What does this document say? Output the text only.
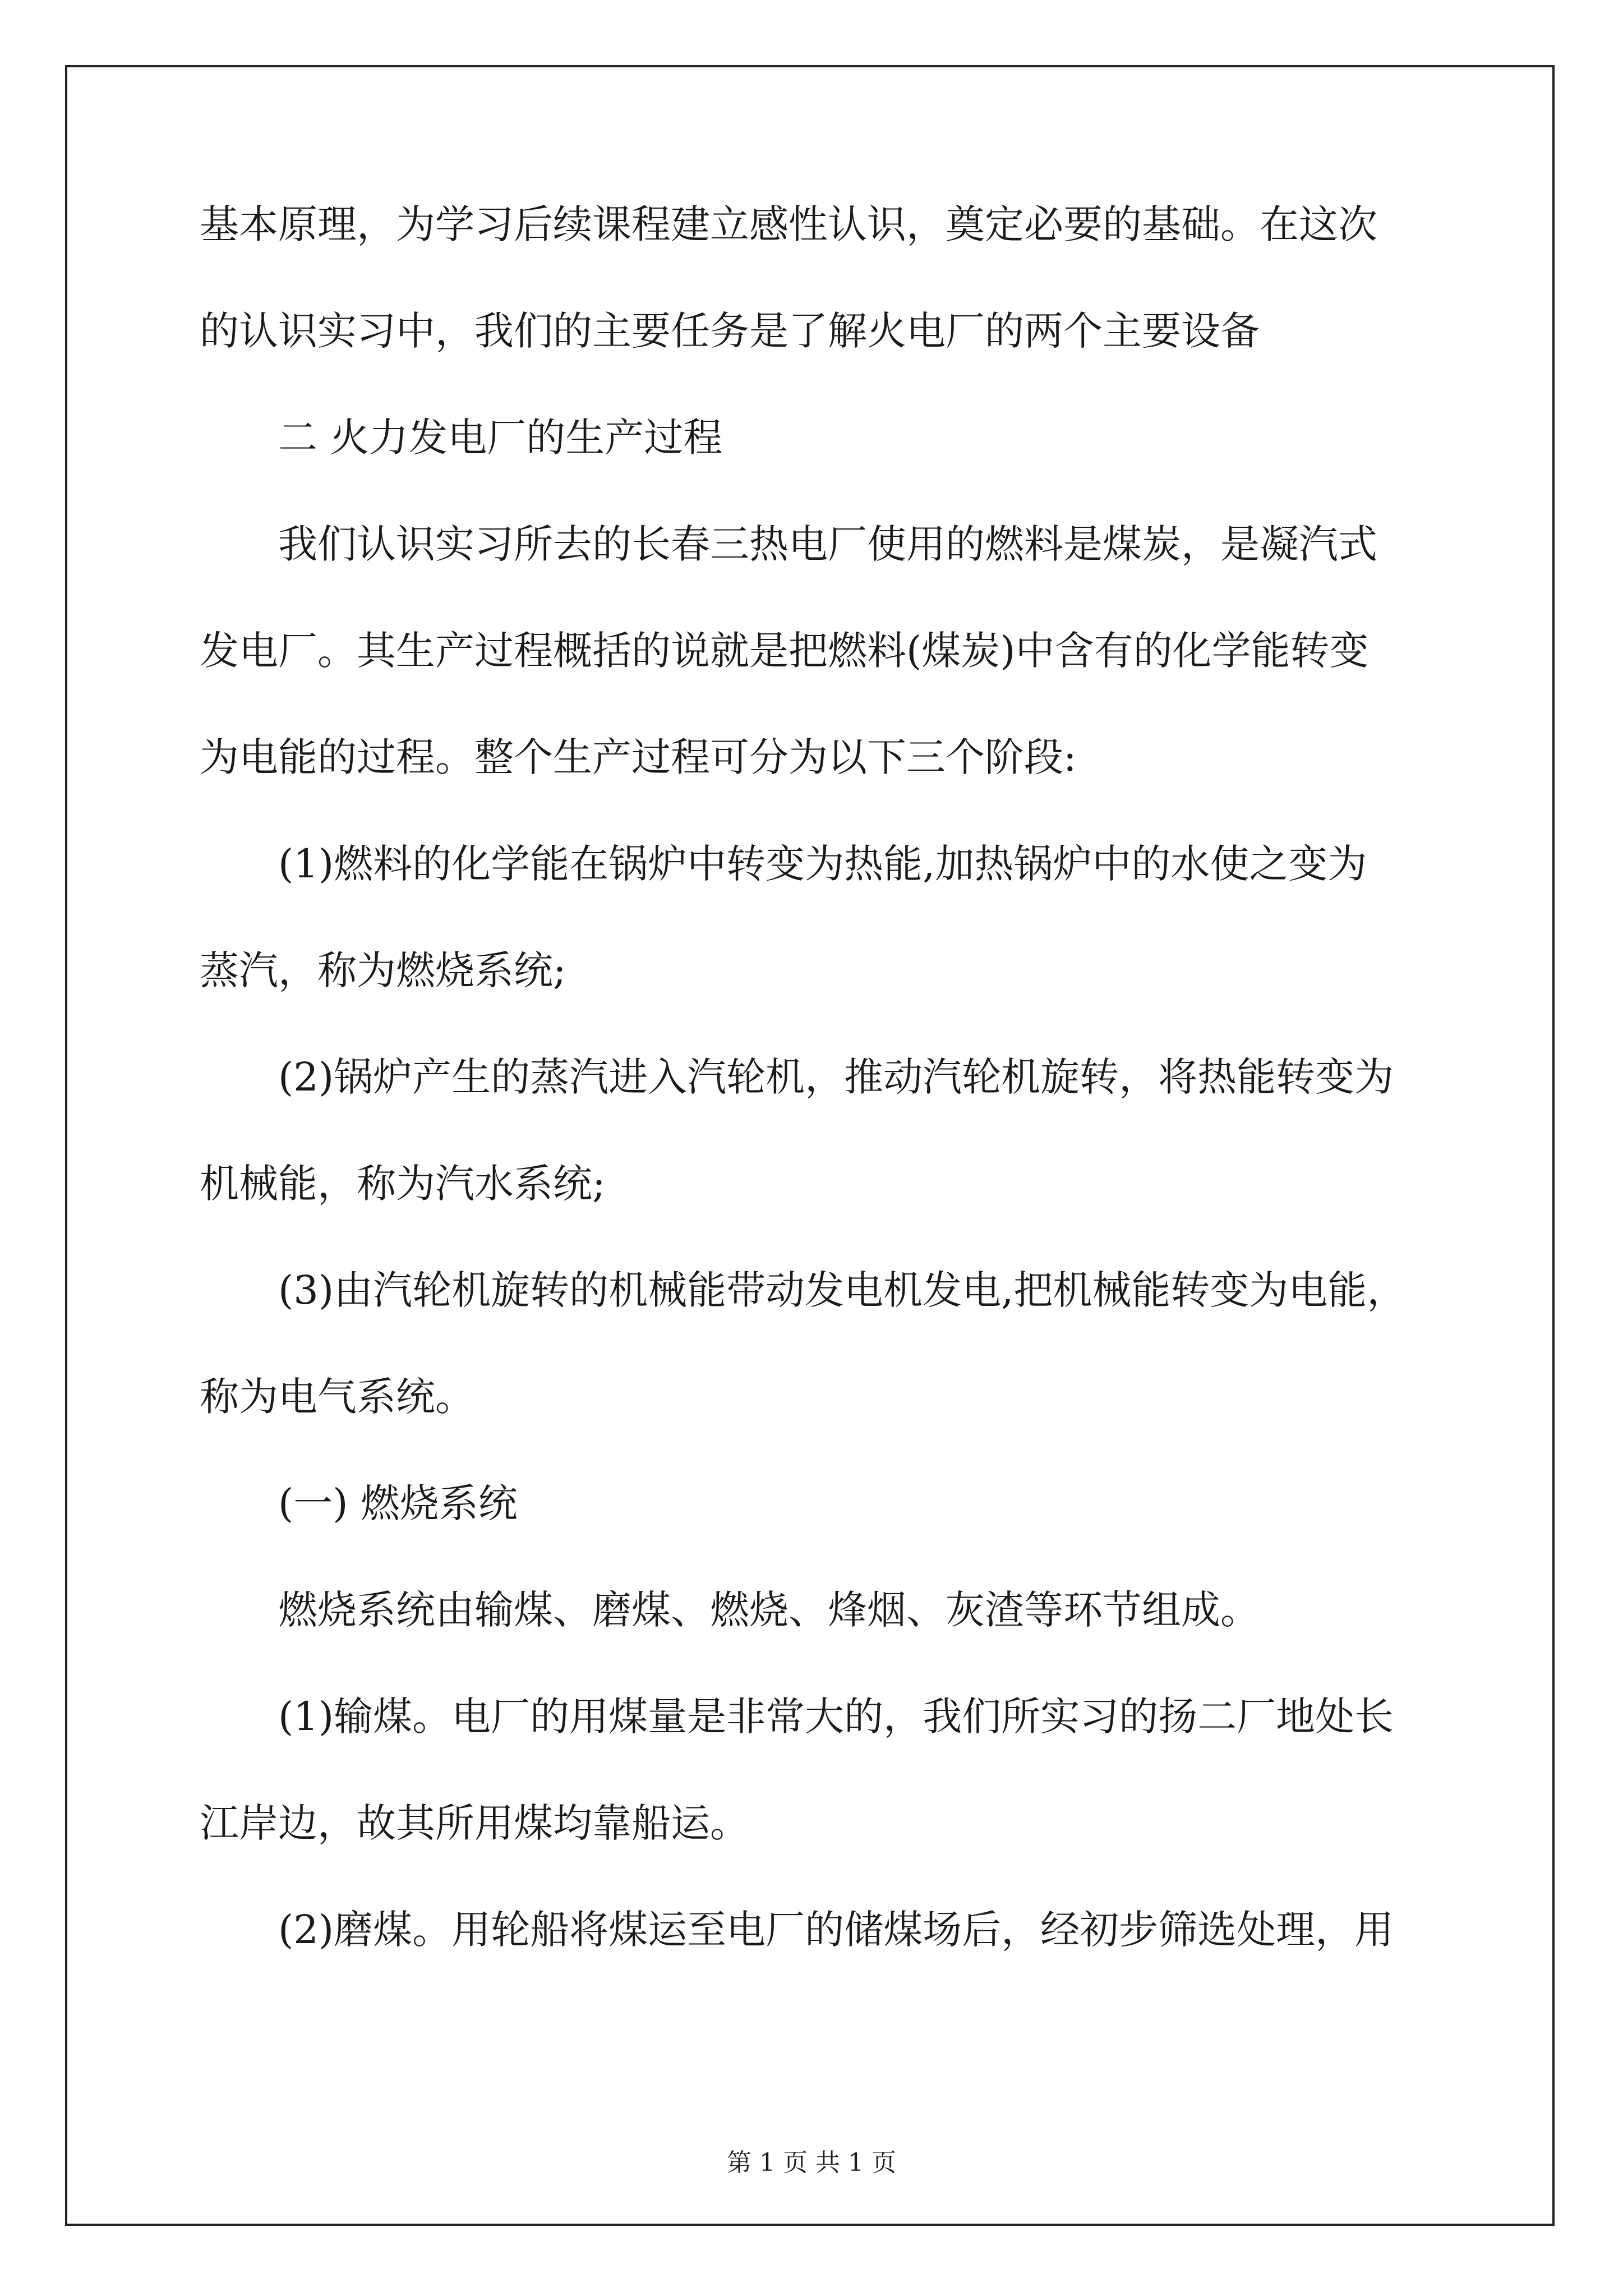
基本原理，为学习后续课程建立感性认识，奠定必要的基础。在这次
的认识实习中，我们的主要任务是了解火电厂的两个主要设备
二 火力发电厂的生产过程
我们认识实习所去的长春三热电厂使用的燃料是煤炭，是凝汽式
发电厂。其生产过程概括的说就是把燃料(煤炭)中含有的化学能转变
为电能的过程。整个生产过程可分为以下三个阶段:
(1)燃料的化学能在锅炉中转变为热能,加热锅炉中的水使之变为
蒸汽，称为燃烧系统;
(2)锅炉产生的蒸汽进入汽轮机，推动汽轮机旋转，将热能转变为
机械能，称为汽水系统;
(3)由汽轮机旋转的机械能带动发电机发电,把机械能转变为电能，
称为电气系统。
(一) 燃烧系统
燃烧系统由输煤、磨煤、燃烧、烽烟、灰渣等环节组成。
(1)输煤。电厂的用煤量是非常大的，我们所实习的扬二厂地处长
江岸边，故其所用煤均靠船运。
(2)磨煤。用轮船将煤运至电厂的储煤场后，经初步筛选处理，用
第 1 页 共 1 页
